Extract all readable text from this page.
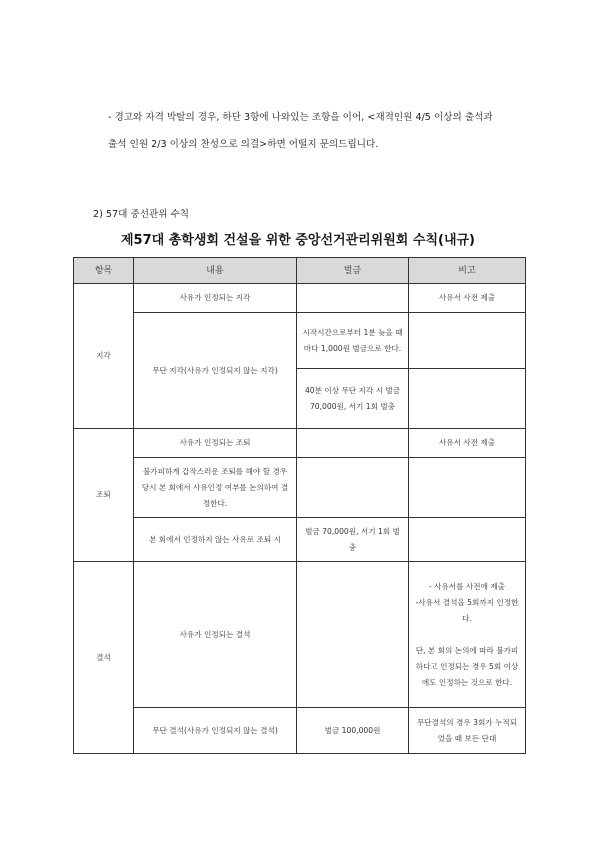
- 경고와 자격 박탈의 경우, 하단 3항에 나와있는 조항을 이어, <재적인원 4/5 이상의 출석과
출석 인원 2/3 이상의 찬성으로 의결>하면 어떨지 문의드립니다.
2) 57대 중선관위 수칙
제57대 총학생회 건설을 위한 중앙선거관리위원회 수칙(내규)
항목	내용	벌금	비고
지각	사유가 인정되는 지각		사유서 사전 제출
	무단 지각(사유가 인정되지 않는 지각)	시작시간으로부터 1분 늦을 때마다 1,000원 벌금으로 한다.	
		40분 이상 무단 지각 시 벌금 70,000원, 서기 1회 벌충	
조퇴	사유가 인정되는 조퇴		사유서 사전 제출
	불가피하게 갑작스러운 조퇴를 해야 할 경우 당시 본 회에서 사유인정 여부를 논의하여 결정한다.		
	본 회에서 인정하지 않는 사유로 조퇴 시	벌금 70,000원, 서기 1회 벌충	
결석	사유가 인정되는 결석		- 사유서를 사전에 제출
-사유서 결석을 5회까지 인정한다.
단, 본 회의 논의에 따라 불가피하다고 인정되는 경우 5회 이상에도 인정하는 것으로 한다.

	무단 결석(사유가 인정되지 않는 결석)	벌금 100,000원	무단결석의 경우 3회가 누적되었을 때 보든 단대
